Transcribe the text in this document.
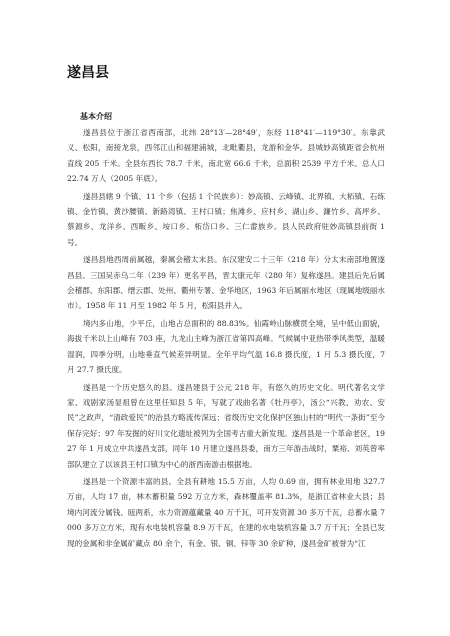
遂昌县
基本介绍

遂昌县位于浙江省西南部，北纬 28°13′—28°49′，东经 118°41′—119°30′。东靠武义、松阳，南接龙泉，西邻江山和福建浦城，北毗衢县，龙游和金华。县城妙高镇距省会杭州直线 205 千米。全县东西长 78.7 千米，南北宽 66.6 千米，总面积 2539 平方千米。总人口 22.74 万人（2005 年底）。

遂昌县辖 9 个镇、11 个乡（包括 1 个民族乡）：妙高镇、云峰镇、北界镇、大柘镇、石练镇、金竹镇、黄沙腰镇、新路湾镇、王村口镇；焦滩乡、应村乡、湖山乡、濂竹乡、高坪乡、蔡源乡、龙洋乡、西畈乡、垵口乡、柘岱口乡、三仁畲族乡。县人民政府驻妙高镇县前街 1 号。

遂昌县地西周前属越，秦属会稽太末县。东汉建安二十三年（218 年）分太末南部地置遂昌县。三国吴赤乌二年（239 年）更名平昌，晋太康元年（280 年）复称遂昌。建县后先后属会稽郡、东阳郡、缙云郡、处州、衢州专署、金华地区，1963 年后属丽水地区（现属地级丽水市）。1958 年 11 月至 1982 年 5 月，松阳县并入。

境内多山地，少平丘，山地占总面积的 88.83%。仙霞岭山脉横贯全境，呈中低山面貌，海拔千米以上山峰有 703 座，九龙山主峰为浙江省第四高峰。气候属中亚热带季风类型，温暖湿润，四季分明，山地垂直气候差异明显。全年平均气温 16.8 摄氏度，1 月 5.3 摄氏度，7 月 27.7 摄氏度。

遂昌是一个历史悠久的县。遂昌建县于公元 218 年，有悠久的历史文化。明代著名文学家、戏剧家汤显祖曾在这里任知县 5 年，写就了戏曲名著《牡丹亭》，汤公“兴教、劝农、安民”之政声，“清政爱民”的治县方略流传深远；省级历史文化保护区独山村的“明代一条街”至今保存完好；97 年发掘的好川文化遗址被列为全国考古重大新发现。遂昌县是一个革命老区，1927 年 1 月成立中共遂昌支部，同年 10 月建立遂昌县委，南方三年游击战时，粟裕、刘英曾率部队建立了以该县王村口镇为中心的浙西南游击根据地。

遂昌是一个资源丰富的县。全县有耕地 15.5 万亩，人均 0.69 亩，拥有林业用地 327.7 万亩，人均 17 亩，林木蓄积量 592 万立方米，森林覆盖率 81.3%，是浙江省林业大县；县境内河流分属钱、瓯两系，水力资源蕴藏量 40 万千瓦，可开发资源 30 多万千瓦，总蓄水量 7000 多万立方米，现有水电装机容量 8.9 万千瓦，在建的水电装机容量 3.7 万千瓦；全县已发现的金属和非金属矿藏点 80 余个，有金、银、铜、锌等 30 余矿种，遂昌金矿被誉为“江
